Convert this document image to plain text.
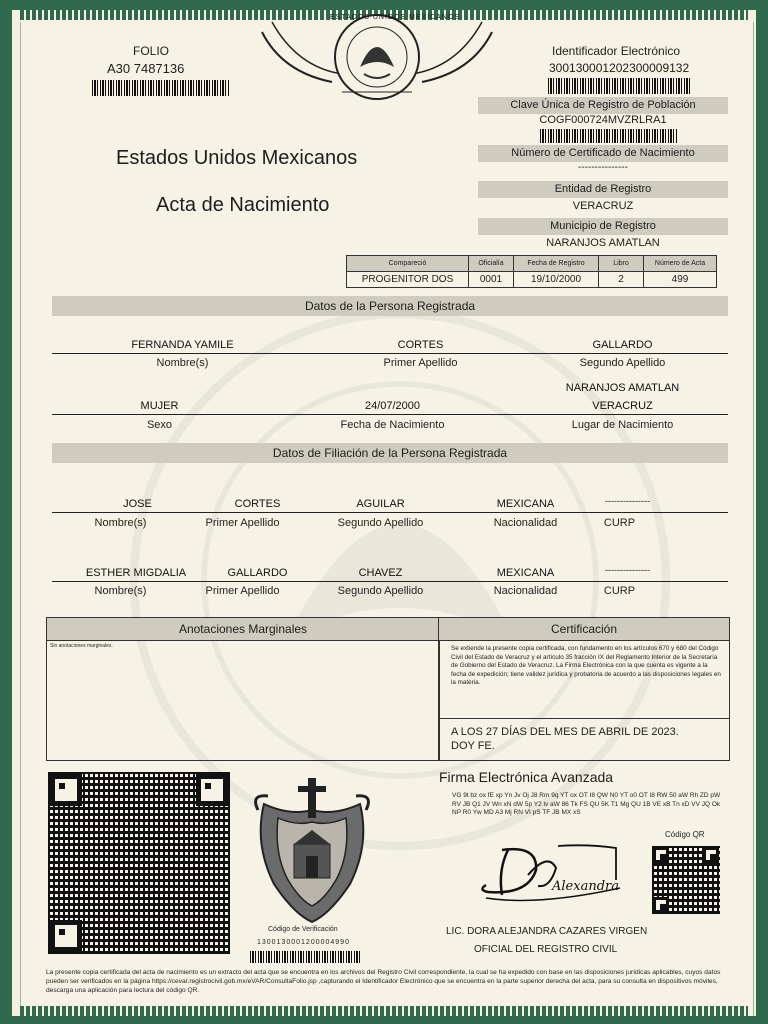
FOLIO
A30 7487136
ESTADOS UNIDOS MEXICANOS
Identificador Electrónico
300130001202300009132
Estados Unidos Mexicanos
Acta de Nacimiento
Clave Única de Registro de Población
COGF000724MVZRLRA1
Número de Certificado de Nacimiento
---------------
Entidad de Registro
VERACRUZ
Municipio de Registro
NARANJOS AMATLAN
Compareció	Oficialía	Fecha de Registro	Libro	Número de Acta
PROGENITOR DOS	0001	19/10/2000	2	499
Datos de la Persona Registrada
FERNANDA YAMILE	CORTES	GALLARDO
Nombre(s)	Primer Apellido	Segundo Apellido
NARANJOS AMATLAN
MUJER	24/07/2000	VERACRUZ
Sexo	Fecha de Nacimiento	Lugar de Nacimiento
Datos de Filiación de la Persona Registrada
JOSE	CORTES	AGUILAR	MEXICANA	---------------
Nombre(s)	Primer Apellido	Segundo Apellido	Nacionalidad	CURP
ESTHER MIGDALIA	GALLARDO	CHAVEZ	MEXICANA	---------------
Nombre(s)	Primer Apellido	Segundo Apellido	Nacionalidad	CURP
Anotaciones Marginales
Sin anotaciones marginales.
Certificación
Se extiende la presente copia certificada, con fundamento en los artículos 670 y 680 del Código Civil del Estado de Veracruz y el artículo 35 fracción IX del Reglamento Interior de la Secretaría de Gobierno del Estado de Veracruz. La Firma Electrónica con la que cuenta es vigente a la fecha de expedición; tiene validez jurídica y probatoria de acuerdo a las disposiciones legales en la materia.
A LOS 27 DÍAS DEL MES DE ABRIL DE 2023.
DOY FE.
Código de Verificación
1300130001200004990
Firma Electrónica Avanzada
VG 9t bz ox fE xp Yn Jv Oj J8 Rm 9q YT ox OT I8 QW N0 YT o0 OT I8 RW 50 aW Rh ZD pW RV JB Q1 JV Wn xN dW 5p Y2 lv aW 86 Tk FS QU 5K T1 Mg QU 1B VE xB Tn xD VV JQ Ok NP R0 Yw MD A3 Mj RN VI pS TF JB MX xS
Código QR
Alexandra
LIC. DORA ALEJANDRA CAZARES VIRGEN
OFICIAL DEL REGISTRO CIVIL
La presente copia certificada del acta de nacimiento es un extracto del acta que se encuentra en los archivos del Registro Civil correspondiente, la cual se ha expedido con base en las disposiciones jurídicas aplicables, cuyos datos pueden ser verificados en la página https://cevar.registrocivil.gob.mx/eVAR/ConsultaFolio.jsp ,capturando el Identificador Electrónico que se encuentra en la parte superior derecha del acta, para su consulta en dispositivos móviles, descarga una aplicación para lectura del código QR.
